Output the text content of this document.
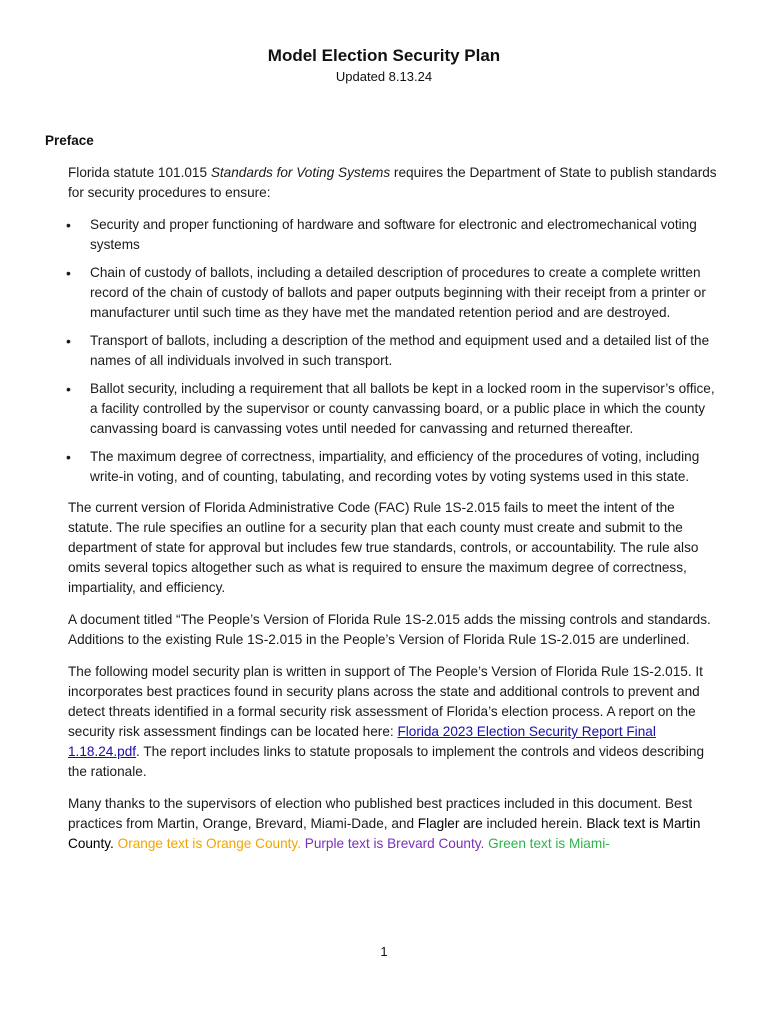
Model Election Security Plan
Updated 8.13.24
Preface

Florida statute 101.015 Standards for Voting Systems requires the Department of State to publish standards for security procedures to ensure:

• Security and proper functioning of hardware and software for electronic and electromechanical voting systems
• Chain of custody of ballots, including a detailed description of procedures to create a complete written record of the chain of custody of ballots and paper outputs beginning with their receipt from a printer or manufacturer until such time as they have met the mandated retention period and are destroyed.
• Transport of ballots, including a description of the method and equipment used and a detailed list of the names of all individuals involved in such transport.
• Ballot security, including a requirement that all ballots be kept in a locked room in the supervisor’s office, a facility controlled by the supervisor or county canvassing board, or a public place in which the county canvassing board is canvassing votes until needed for canvassing and returned thereafter.
• The maximum degree of correctness, impartiality, and efficiency of the procedures of voting, including write-in voting, and of counting, tabulating, and recording votes by voting systems used in this state.

The current version of Florida Administrative Code (FAC) Rule 1S-2.015 fails to meet the intent of the statute. The rule specifies an outline for a security plan that each county must create and submit to the department of state for approval but includes few true standards, controls, or accountability. The rule also omits several topics altogether such as what is required to ensure the maximum degree of correctness, impartiality, and efficiency.

A document titled “The People’s Version of Florida Rule 1S-2.015 adds the missing controls and standards. Additions to the existing Rule 1S-2.015 in the People’s Version of Florida Rule 1S-2.015 are underlined.

The following model security plan is written in support of The People’s Version of Florida Rule 1S-2.015. It incorporates best practices found in security plans across the state and additional controls to prevent and detect threats identified in a formal security risk assessment of Florida’s election process. A report on the security risk assessment findings can be located here: Florida 2023 Election Security Report Final 1.18.24.pdf. The report includes links to statute proposals to implement the controls and videos describing the rationale.

Many thanks to the supervisors of election who published best practices included in this document. Best practices from Martin, Orange, Brevard, Miami-Dade, and Flagler are included herein. Black text is Martin County. Orange text is Orange County. Purple text is Brevard County. Green text is Miami-

1
